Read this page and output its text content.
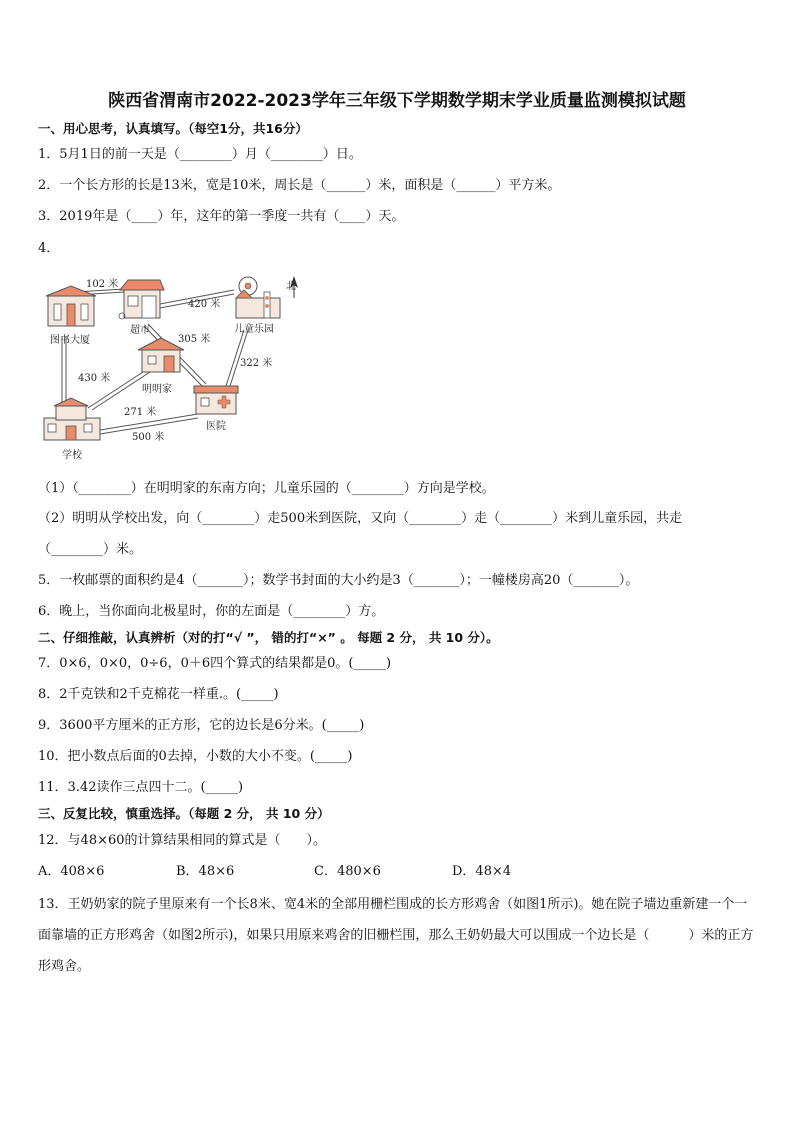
陕西省渭南市2022-2023学年三年级下学期数学期末学业质量监测模拟试题
一、用心思考，认真填写。（每空1分，共16分）
1．5月1日的前一天是（________）月（________）日。
2．一个长方形的长是13米，宽是10米，周长是（______）米，面积是（______）平方米。
3．2019年是（____）年，这年的第一季度一共有（____）天。
4．
图书大厦
超市	儿童乐园
明明家
医院
学校
102 米
420 米
305 米
322 米
430 米
271 米
500 米
北
（1）（________）在明明家的东南方向；儿童乐园的（________）方向是学校。
（2）明明从学校出发，向（________）走500米到医院，又向（________）走（________）米到儿童乐园，共走
（________）米。
5．一枚邮票的面积约是4（_______）；数学书封面的大小约是3（_______）；一幢楼房高20（_______）。
6．晚上，当你面向北极星时，你的左面是（________）方。
二、仔细推敲，认真辨析（对的打“√ ”， 错的打“×” 。 每题 2 分， 共 10 分）。
7．0×6，0×0，0÷6，0＋6四个算式的结果都是0。(_____)
8．2千克铁和2千克棉花一样重.。(_____)
9．3600平方厘米的正方形，它的边长是6分米。(_____)
10．把小数点后面的0去掉，小数的大小不变。(_____)
11．3.42读作三点四十二。(_____)
三、反复比较，慎重选择。（每题 2 分， 共 10 分）
12．与48×60的计算结果相同的算式是（　　）。
A．408×6	B．48×6	C．480×6	D．48×4
13．王奶奶家的院子里原来有一个长8米、宽4米的全部用栅栏围成的长方形鸡舍（如图1所示)。她在院子墙边重新建一个一面靠墙的正方形鸡舍（如图2所示)，如果只用原来鸡舍的旧栅栏围，那么王奶奶最大可以围成一个边长是（　　　）米的正方形鸡舍。
